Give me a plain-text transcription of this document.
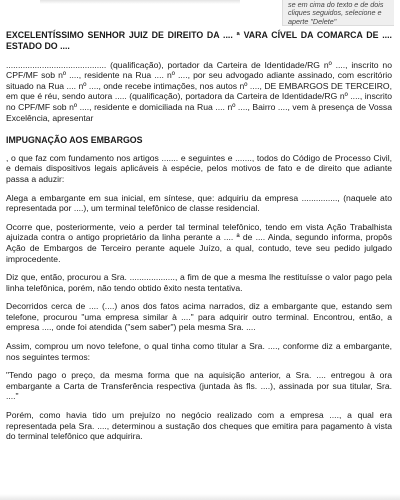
se em cima do texto e de dois cliques seguidos, selecione e aperte "Delete"

EXCELENTÍSSIMO SENHOR JUIZ DE DIREITO DA .... ª VARA CÍVEL DA COMARCA DE .... ESTADO DO ....

.......................................... (qualificação), portador da Carteira de Identidade/RG nº ...., inscrito no CPF/MF sob nº ...., residente na Rua .... nº ...., por seu advogado adiante assinado, com escritório situado na Rua .... nº ...., onde recebe intimações, nos autos nº ...., DE EMBARGOS DE TERCEIRO, em que é réu, sendo autora ..... (qualificação), portadora da Carteira de Identidade/RG nº ...., inscrito no CPF/MF sob nº ...., residente e domiciliada na Rua .... nº ...., Bairro ...., vem à presença de Vossa Excelência, apresentar

IMPUGNAÇÃO AOS EMBARGOS

, o que faz com fundamento nos artigos ....... e seguintes e ......., todos do Código de Processo Civil, e demais dispositivos legais aplicáveis à espécie, pelos motivos de fato e de direito que adiante passa a aduzir:

Alega a embargante em sua inicial, em síntese, que: adquiriu da empresa ..............., (naquele ato representada por ....), um terminal telefônico de classe residencial.

Ocorre que, posteriormente, veio a perder tal terminal telefônico, tendo em vista Ação Trabalhista ajuizada contra o antigo proprietário da linha perante a .... ª de .... Ainda, segundo informa, propôs Ação de Embargos de Terceiro perante aquele Juízo, a qual, contudo, teve seu pedido julgado improcedente.

Diz que, então, procurou a Sra. ..................., a fim de que a mesma lhe restituísse o valor pago pela linha telefônica, porém, não tendo obtido êxito nesta tentativa.

Decorridos cerca de .... (....) anos dos fatos acima narrados, diz a embargante que, estando sem telefone, procurou "uma empresa similar à ...." para adquirir outro terminal. Encontrou, então, a empresa ...., onde foi atendida ("sem saber") pela mesma Sra. ....

Assim, comprou um novo telefone, o qual tinha como titular a Sra. ...., conforme diz a embargante, nos seguintes termos:

"Tendo pago o preço, da mesma forma que na aquisição anterior, a Sra. .... entregou à ora embargante a Carta de Transferência respectiva (juntada às fls. ....), assinada por sua titular, Sra. ...."

Porém, como havia tido um prejuízo no negócio realizado com a empresa ...., a qual era representada pela Sra. ...., determinou a sustação dos cheques que emitira para pagamento à vista do terminal telefônico que adquirira.
